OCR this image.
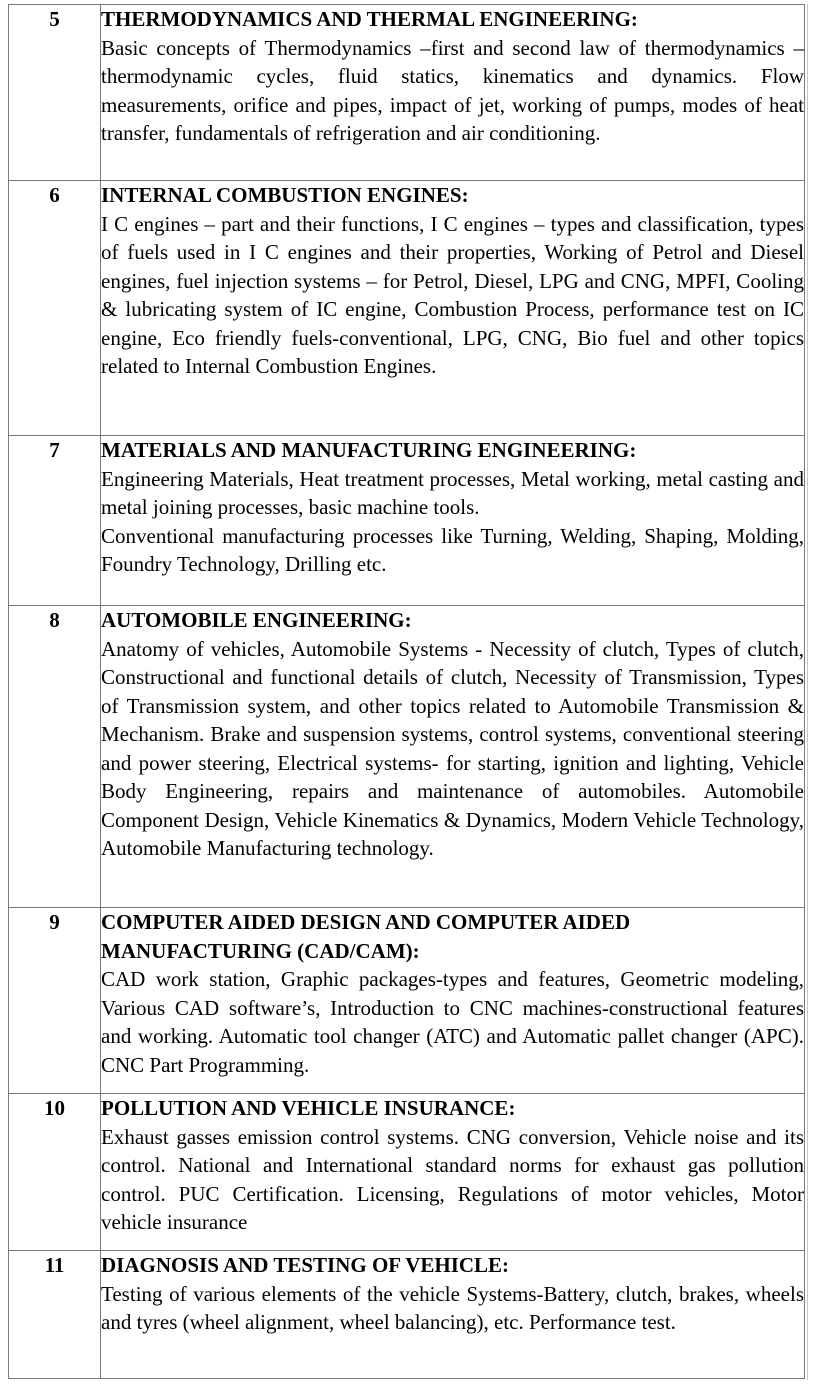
5	THERMODYNAMICS AND THERMAL ENGINEERING:

Basic concepts of Thermodynamics –first and second law of thermodynamics – thermodynamic cycles, fluid statics, kinematics and dynamics. Flow measurements, orifice and pipes, impact of jet, working of pumps, modes of heat transfer, fundamentals of refrigeration and air conditioning.

6	INTERNAL COMBUSTION ENGINES:

I C engines – part and their functions, I C engines – types and classification, types of fuels used in I C engines and their properties, Working of Petrol and Diesel engines, fuel injection systems – for Petrol, Diesel, LPG and CNG, MPFI, Cooling & lubricating system of IC engine, Combustion Process, performance test on IC engine, Eco friendly fuels-conventional, LPG, CNG, Bio fuel and other topics related to Internal Combustion Engines.

7	MATERIALS AND MANUFACTURING ENGINEERING:

Engineering Materials, Heat treatment processes, Metal working, metal casting and metal joining processes, basic machine tools.

Conventional manufacturing processes like Turning, Welding, Shaping, Molding, Foundry Technology, Drilling etc.

8	AUTOMOBILE ENGINEERING:

Anatomy of vehicles, Automobile Systems - Necessity of clutch, Types of clutch, Constructional and functional details of clutch, Necessity of Transmission, Types of Transmission system, and other topics related to Automobile Transmission & Mechanism. Brake and suspension systems, control systems, conventional steering and power steering, Electrical systems- for starting, ignition and lighting, Vehicle Body Engineering, repairs and maintenance of automobiles. Automobile Component Design, Vehicle Kinematics & Dynamics, Modern Vehicle Technology, Automobile Manufacturing technology.

9	COMPUTER AIDED DESIGN AND COMPUTER AIDED MANUFACTURING (CAD/CAM):

CAD work station, Graphic packages-types and features, Geometric modeling, Various CAD software’s, Introduction to CNC machines-constructional features and working. Automatic tool changer (ATC) and Automatic pallet changer (APC). CNC Part Programming.

10	POLLUTION AND VEHICLE INSURANCE:

Exhaust gasses emission control systems. CNG conversion, Vehicle noise and its control. National and International standard norms for exhaust gas pollution control. PUC Certification. Licensing, Regulations of motor vehicles, Motor vehicle insurance

11	DIAGNOSIS AND TESTING OF VEHICLE:

Testing of various elements of the vehicle Systems-Battery, clutch, brakes, wheels and tyres (wheel alignment, wheel balancing), etc. Performance test.
